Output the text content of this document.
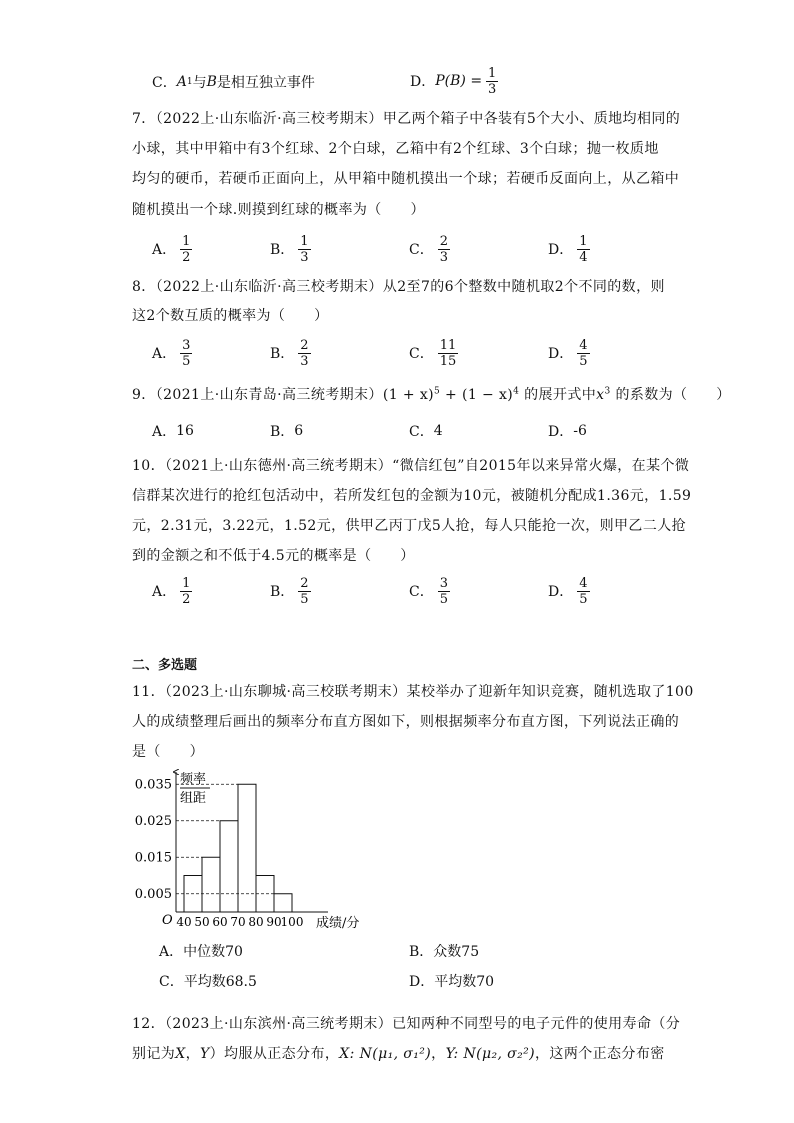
C． A 1 与 B 是相互独立事件	D． $P(B) = \frac{1}{3}$
7．（2022上·山东临沂·高三校考期末）甲乙两个箱子中各装有5个大小、质地均相同的
小球，其中甲箱中有3个红球、2个白球，乙箱中有2个红球、3个白球；抛一枚质地
均匀的硬币，若硬币正面向上，从甲箱中随机摸出一个球；若硬币反面向上，从乙箱中
随机摸出一个球.则摸到红球的概率为（　　）
A． $\frac{1}{2}$	B． $\frac{1}{3}$	C． $\frac{2}{3}$	D． $\frac{1}{4}$
8．（2022上·山东临沂·高三校考期末）从2至7的6个整数中随机取2个不同的数，则
这2个数互质的概率为（　　）
A． $\frac{3}{5}$	B． $\frac{2}{3}$	C． $\frac{11}{15}$	D． $\frac{4}{5}$
9．（2021上·山东青岛·高三统考期末）$(1 + x)^5 + (1 - x)^4$ 的展开式中$x^3$ 的系数为（　　）
A． 16	B． 6	C． 4	D． -6
10．（2021上·山东德州·高三统考期末）“微信红包”自2015年以来异常火爆，在某个微
信群某次进行的抢红包活动中，若所发红包的金额为10元，被随机分配成1.36元，1.59
元，2.31元，3.22元，1.52元，供甲乙丙丁戊5人抢，每人只能抢一次，则甲乙二人抢
到的金额之和不低于4.5元的概率是（　　）
A． $\frac{1}{2}$	B． $\frac{2}{5}$	C． $\frac{3}{5}$	D． $\frac{4}{5}$
二、多选题
11．（2023上·山东聊城·高三校联考期末）某校举办了迎新年知识竞赛，随机选取了100
人的成绩整理后画出的频率分布直方图如下，则根据频率分布直方图，下列说法正确的
是（　　）
频率
组距
0.035
0.025
0.015
0.005
40 50 60 70 80 90
100
O	成绩/分
A． 中位数70	B． 众数75
C． 平均数68.5	D． 平均数70
12．（2023上·山东滨州·高三统考期末）已知两种不同型号的电子元件的使用寿命（分
别记为X，Y）均服从正态分布，X: N(μ₁, σ₁²)，Y: N(μ₂, σ₂²)，这两个正态分布密
